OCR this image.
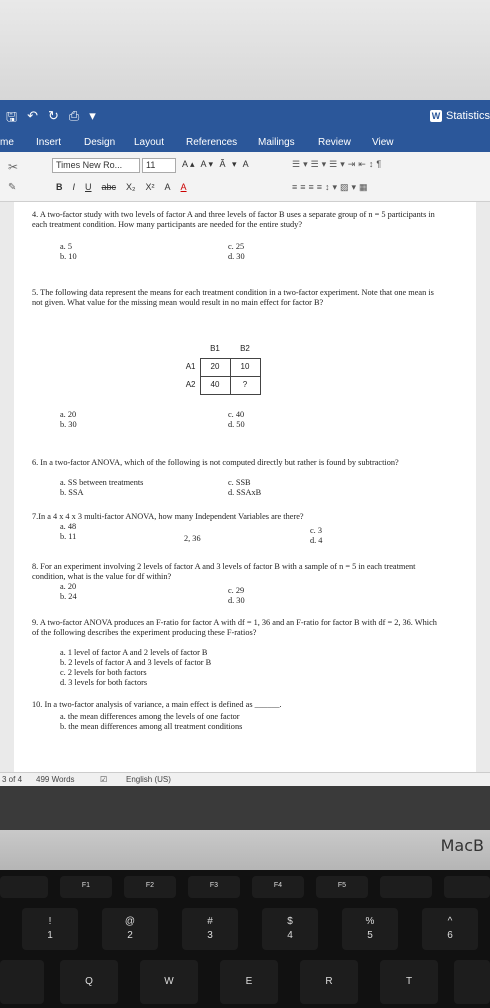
🖫 ↶ ↻ ⎙ ▾	W Statistics
me Insert Design Layout References Mailings Review View
✂
✎
Times New Ro...	11	A▴ A▾ Ã ▾ A
B I U abc X₂ X² A A
☰▾☰▾☰▾⇥⇤↕¶
≡≡≡≡↕▾▨▾▦
4. A two-factor study with two levels of factor A and three levels of factor B uses a separate group of n = 5 participants in each treatment condition. How many participants are needed for the entire study?
a. 5
b. 10
c. 25
d. 30
5. The following data represent the means for each treatment condition in a two-factor experiment. Note that one mean is not given. What value for the missing mean would result in no main effect for factor B?
	B1	B2
A1	20	10
A2	40	?
a. 20
b. 30
c. 40
d. 50
6. In a two-factor ANOVA, which of the following is not computed directly but rather is found by subtraction?
a. SS between treatments
b. SSA
c. SSB
d. SSAxB
7.In a 4 x 4 x 3 multi-factor ANOVA, how many Independent Variables are there?
a. 48
b. 11	2, 36
c. 3
d. 4
8. For an experiment involving 2 levels of factor A and 3 levels of factor B with a sample of n = 5 in each treatment condition, what is the value for df within?
a. 20
b. 24
c. 29
d. 30
9. A two-factor ANOVA produces an F-ratio for factor A with df = 1, 36 and an F-ratio for factor B with df = 2, 36. Which of the following describes the experiment producing these F-ratios?
a. 1 level of factor A and 2 levels of factor B
b. 2 levels of factor A and 3 levels of factor B
c. 2 levels for both factors
d. 3 levels for both factors
10. In a two-factor analysis of variance, a main effect is defined as ______.
a. the mean differences among the levels of one factor
b. the mean differences among all treatment conditions
3 of 4 499 Words	☑ English (US)
MacB
F1	F2	F3	F4	F5
!
1
@
2
#
3
$
4
%
5
^
6
Q	W	E	R	T
